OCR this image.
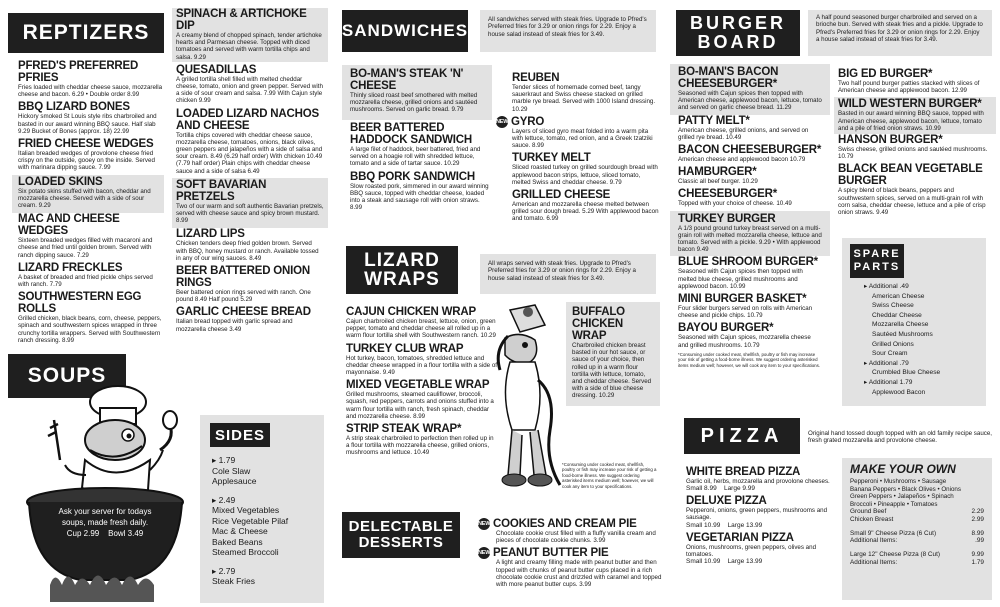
REPTIZERS
PFRED'S PREFERRED PFRIES
Fries loaded with cheddar cheese sauce, mozzarella cheese and bacon. 6.29 • Double order 8.99
BBQ LIZARD BONES
Hickory smoked St Louis style ribs charbroiled and basted in our award winning BBQ sauce. Half slab 9.29 Bucket of Bones (approx. 18) 22.99
FRIED CHEESE WEDGES
Italian breaded wedges of provolone cheese fried crispy on the outside, gooey on the inside. Served with marinara dipping sauce. 7.99
LOADED SKINS
Six potato skins stuffed with bacon, cheddar and mozzarella cheese. Served with a side of sour cream. 9.29
MAC AND CHEESE WEDGES
Sixteen breaded wedges filled with macaroni and cheese and fried until golden brown. Served with ranch dipping sauce. 7.29
LIZARD FRECKLES
A basket of breaded and fried pickle chips served with ranch. 7.79
SOUTHWESTERN EGG ROLLS
Grilled chicken, black beans, corn, cheese, peppers, spinach and southwestern spices wrapped in three crunchy tortilla wrappers. Served with Southwestern ranch dressing. 8.99
SPINACH & ARTICHOKE DIP
A creamy blend of chopped spinach, tender artichoke hearts and Parmesan cheese. Topped with diced tomatoes and served with warm tortilla chips and salsa. 9.29
QUESADILLAS
A grilled tortilla shell filled with melted cheddar cheese, tomato, onion and green pepper. Served with a side of sour cream and salsa. 7.99 With Cajun style chicken 9.99
LOADED LIZARD NACHOS AND CHEESE
Tortilla chips covered with cheddar cheese sauce, mozzarella cheese, tomatoes, onions, black olives, green peppers and jalapeños with a side of salsa and sour cream. 8.49 (6.29 half order) With chicken 10.49 (7.79 half order) Plain chips with cheddar cheese sauce and a side of salsa 6.49
SOFT BAVARIAN PRETZELS
Two of our warm and soft authentic Bavarian pretzels, served with cheese sauce and spicy brown mustard. 8.99
LIZARD LIPS
Chicken tenders deep fried golden brown. Served with BBQ, honey mustard or ranch. Available tossed in any of our wing sauces. 8.49
BEER BATTERED ONION RINGS
Beer battered onion rings served with ranch. One pound 8.49 Half pound 5.29
GARLIC CHEESE BREAD
Italian bread topped with garlic spread and mozzarella cheese 3.49
SOUPS
Ask your server for todays
soups, made fresh daily.
Cup 2.99    Bowl 3.49
SIDES
▸ 1.79
Cole Slaw
Applesauce
▸ 2.49
Mixed Vegetables
Rice Vegetable Pilaf
Mac & Cheese
Baked Beans
Steamed Broccoli
▸ 2.79
Steak Fries
SANDWICHES
All sandwiches served with steak fries. Upgrade to Pfred's Preferred fries for 3.29 or onion rings for 2.29. Enjoy a house salad instead of steak fries for 3.49.
BO-MAN'S STEAK 'N' CHEESE
Thinly sliced roast beef smothered with melted mozzarella cheese, grilled onions and sautéed mushrooms. Served on garlic bread. 9.79
BEER BATTERED HADDOCK SANDWICH
A large filet of haddock, beer battered, fried and served on a hoagie roll with shredded lettuce, tomato and a side of tartar sauce. 10.29
BBQ PORK SANDWICH
Slow roasted pork, simmered in our award winning BBQ sauce, topped with cheddar cheese, loaded into a steak and sausage roll with onion straws. 8.99
REUBEN
Tender slices of homemade corned beef, tangy sauerkraut and Swiss cheese stacked on grilled marble rye bread. Served with 1000 Island dressing. 10.29
NEW GYRO
Layers of sliced gyro meat folded into a warm pita with lettuce, tomato, red onion, and a Greek tzatziki sauce. 8.99
TURKEY MELT
Sliced roasted turkey on grilled sourdough bread with applewood bacon strips, lettuce, sliced tomato, melted Swiss and cheddar cheese. 9.79
GRILLED CHEESE
American and mozzarella cheese melted between grilled sour dough bread. 5.29 With applewood bacon and tomato. 6.99
LIZARD WRAPS
All wraps served with steak fries. Upgrade to Pfred's Preferred fries for 3.29 or onion rings for 2.29. Enjoy a house salad instead of steak fries for 3.49.
CAJUN CHICKEN WRAP
Cajun charbroiled chicken breast, lettuce, onion, green pepper, tomato and cheddar cheese all rolled up in a warm flour tortilla shell with Southwestern ranch. 10.29
TURKEY CLUB WRAP
Hot turkey, bacon, tomatoes, shredded lettuce and cheddar cheese wrapped in a flour tortilla with a side of mayonnaise. 9.49
MIXED VEGETABLE WRAP
Grilled mushrooms, steamed cauliflower, broccoli, squash, red peppers, carrots and onions stuffed into a warm flour tortilla with ranch, fresh spinach, cheddar and mozzarella cheese. 8.99
STRIP STEAK WRAP*
A strip steak charbroiled to perfection then rolled up in a flour tortilla with mozzarella cheese, grilled onions, mushrooms and lettuce. 10.49
BUFFALO CHICKEN WRAP
Charbroiled chicken breast basted in our hot sauce, or sauce of your choice, then rolled up in a warm flour tortilla with lettuce, tomato, and cheddar cheese. Served with a side of blue cheese dressing. 10.29
*Consuming under cooked meat, shellfish, poultry or fish may increase your risk of getting a food-borne illness. We suggest ordering asterisked items medium well; however, we will cook any item to your specifications.
DELECTABLE DESSERTS
NEW COOKIES AND CREAM PIE
Chocolate cookie crust filled with a fluffy vanilla cream and pieces of chocolate cookie chunks. 3.99
NEW PEANUT BUTTER PIE
A light and creamy filling made with peanut butter and then topped with chunks of peanut butter cups placed in a rich chocolate cookie crust and drizzled with caramel and topped with more peanut butter cups. 3.99
BURGER
BOARD
A half pound seasoned burger charbroiled and served on a brioche bun. Served with steak fries and a pickle. Upgrade to Pfred's Preferred fries for 3.29 or onion rings for 2.29. Enjoy a house salad instead of steak fries for 3.49.
BO-MAN'S BACON CHEESEBURGER*
Seasoned with Cajun spices then topped with American cheese, applewood bacon, lettuce, tomato and served on garlic cheese bread. 11.29
PATTY MELT*
American cheese, grilled onions, and served on grilled rye bread. 10.49
BACON CHEESEBURGER*
American cheese and applewood bacon 10.79
HAMBURGER*
Classic all beef burger. 10.29
CHEESEBURGER*
Topped with your choice of cheese. 10.49
TURKEY BURGER
A 1/3 pound ground turkey breast served on a multi-grain roll with melted mozzarella cheese, lettuce and tomato. Served with a pickle. 9.29 • With applewood bacon 9.49
BLUE SHROOM BURGER*
Seasoned with Cajun spices then topped with melted blue cheese, grilled mushrooms and applewood bacon. 10.99
MINI BURGER BASKET*
Four slider burgers served on rolls with American cheese and pickle chips. 10.79
BAYOU BURGER*
Seasoned with Cajun spices, mozzarella cheese and grilled mushrooms. 10.79
*Consuming under cooked meat, shellfish, poultry or fish may increase your risk of getting a food-borne illness. We suggest ordering asterisked items medium well; however, we will cook any item to your specifications.
BIG ED BURGER*
Two half pound burger patties stacked with slices of American cheese and applewood bacon. 12.99
WILD WESTERN BURGER*
Basted in our award winning BBQ sauce, topped with American cheese, applewood bacon, lettuce, tomato and a pile of fried onion straws. 10.99
HANSON BURGER*
Swiss cheese, grilled onions and sautéed mushrooms. 10.79
BLACK BEAN VEGETABLE BURGER
A spicy blend of black beans, peppers and southwestern spices, served on a multi-grain roll with corn salsa, cheddar cheese, lettuce and a pile of crisp onion straws. 9.49
SPARE
PARTS
▸ Additional .49
American Cheese
Swiss Cheese
Cheddar Cheese
Mozzarella Cheese
Sautéed Mushrooms
Grilled Onions
Sour Cream
▸ Additional .79
Crumbled Blue Cheese
▸ Additional 1.79
Applewood Bacon
PIZZA	Original hand tossed dough topped with an old family recipe sauce, fresh grated mozzarella and provolone cheese.
WHITE BREAD PIZZA
Garlic oil, herbs, mozzarella and provolone cheeses.
Small 8.99 Large 9.99
DELUXE PIZZA
Pepperoni, onions, green peppers, mushrooms and sausage.
Small 10.99 Large 13.99
VEGETARIAN PIZZA
Onions, mushrooms, green peppers, olives and tomatoes.
Small 10.99 Large 13.99
MAKE YOUR OWN
Pepperoni • Mushrooms • Sausage
Banana Peppers • Black Olives • Onions
Green Peppers • Jalapeños • Spinach
Broccoli • Pineapple • Tomatoes
Ground Beef	2.29
Chicken Breast	2.99
Small 9" Cheese Pizza (6 Cut)	8.99
Additional Items:	.99
Large 12" Cheese Pizza (8 Cut)	9.99
Additional Items:	1.79
